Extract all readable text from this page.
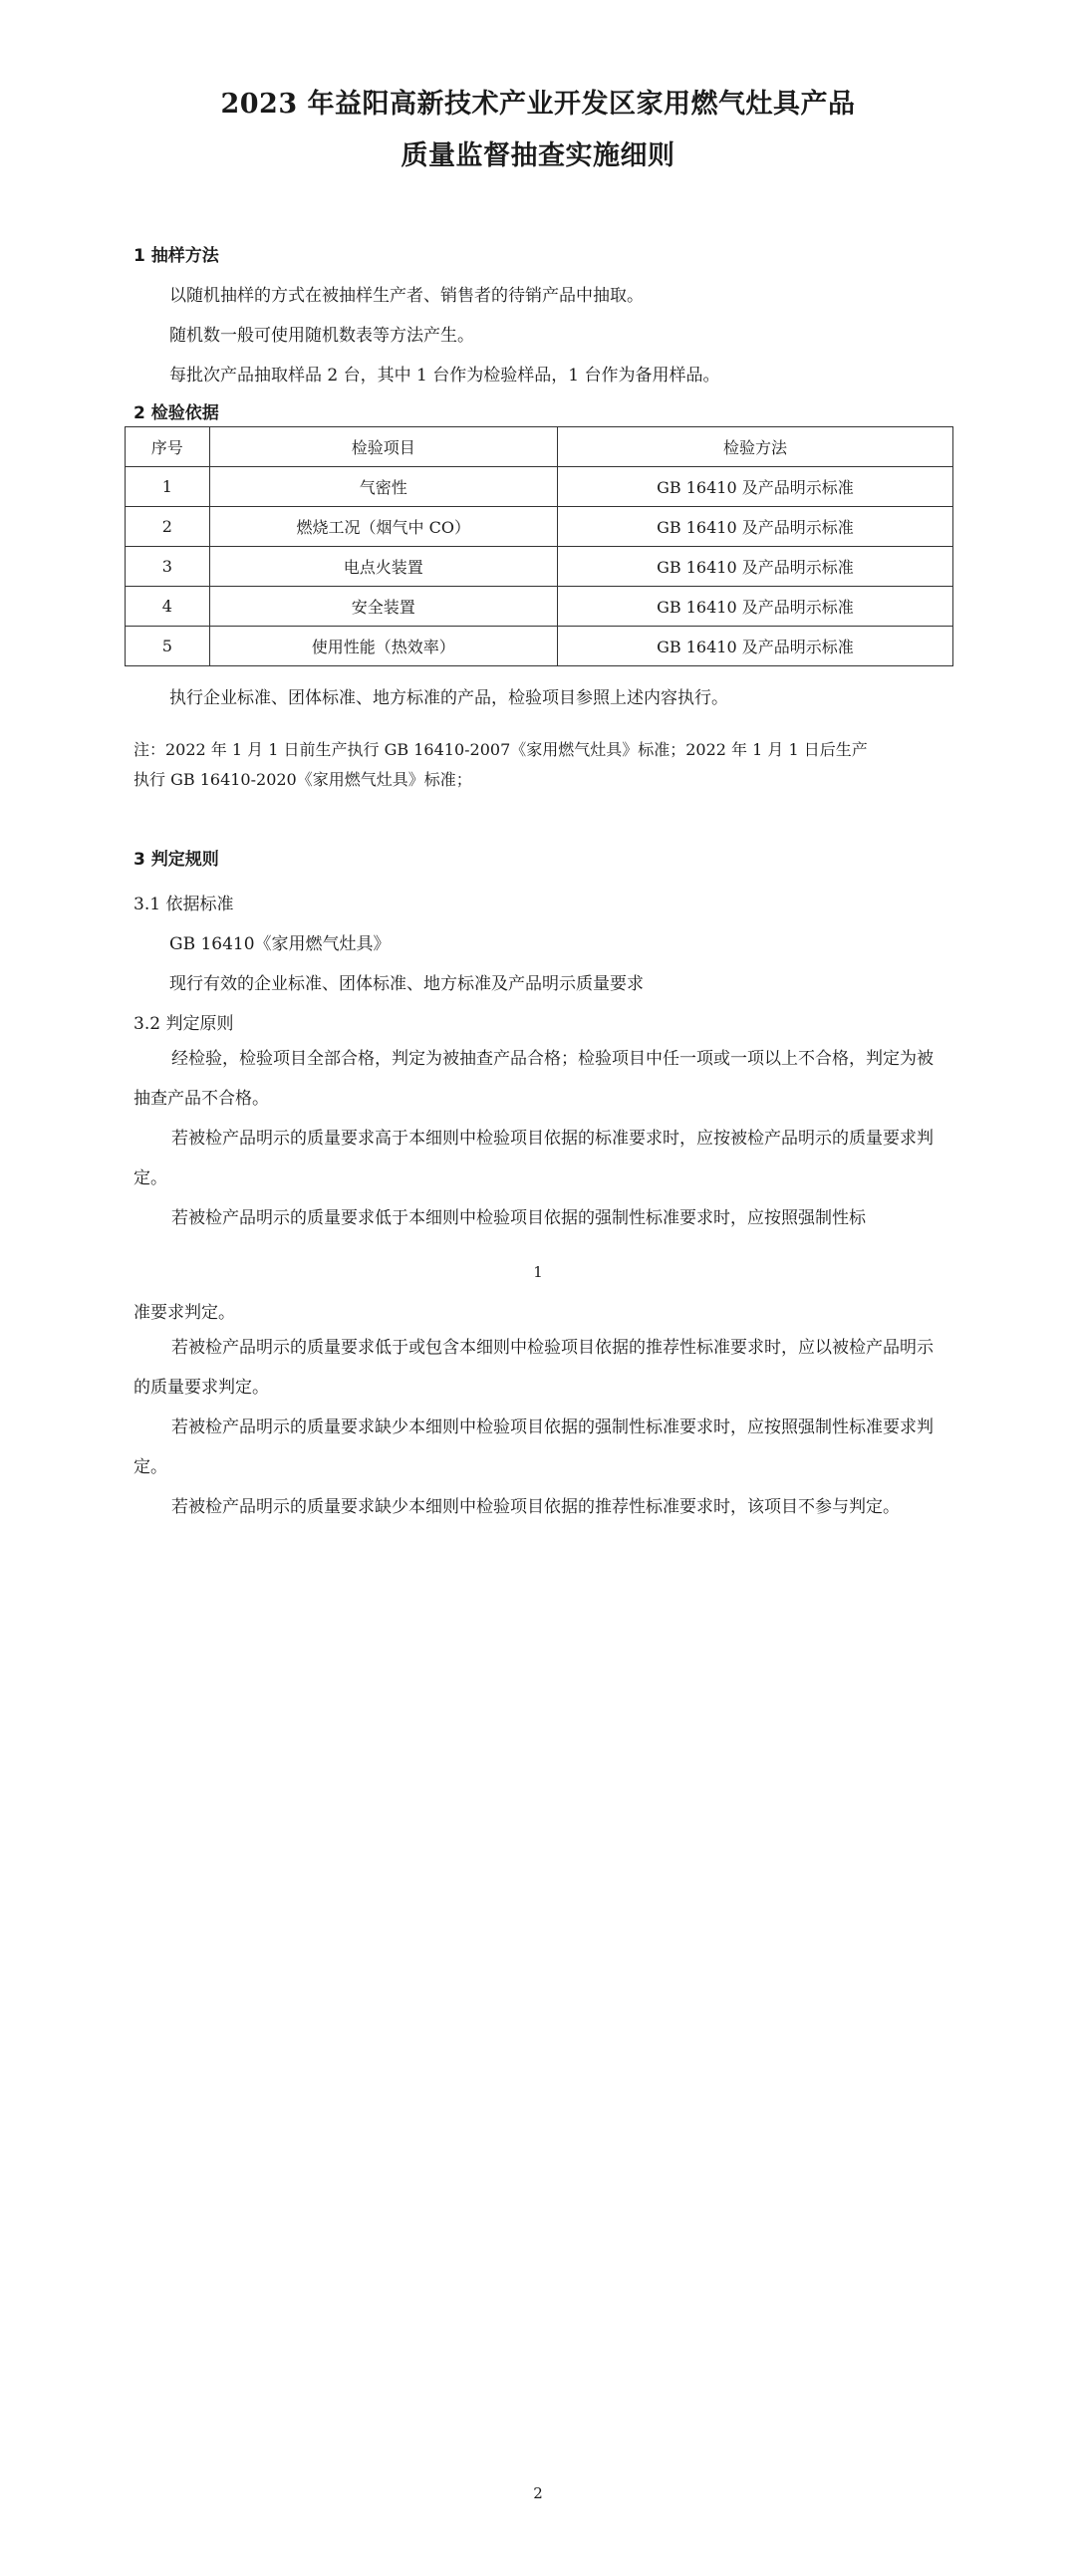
2023 年益阳高新技术产业开发区家用燃气灶具产品
质量监督抽查实施细则
1 抽样方法
以随机抽样的方式在被抽样生产者、销售者的待销产品中抽取。
随机数一般可使用随机数表等方法产生。
每批次产品抽取样品 2 台，其中 1 台作为检验样品，1 台作为备用样品。
2 检验依据
序号	检验项目	检验方法
1	气密性	GB 16410 及产品明示标准
2	燃烧工况（烟气中 CO）	GB 16410 及产品明示标准
3	电点火装置	GB 16410 及产品明示标准
4	安全装置	GB 16410 及产品明示标准
5	使用性能（热效率）	GB 16410 及产品明示标准
执行企业标准、团体标准、地方标准的产品，检验项目参照上述内容执行。
注：2022 年 1 月 1 日前生产执行 GB 16410-2007《家用燃气灶具》标准；2022 年 1 月 1 日后生产
执行 GB 16410-2020《家用燃气灶具》标准；
3 判定规则
3.1 依据标准
GB 16410《家用燃气灶具》
现行有效的企业标准、团体标准、地方标准及产品明示质量要求
3.2 判定原则

经检验，检验项目全部合格，判定为被抽查产品合格；检验项目中任一项或一项以上不合格，判定为被抽查产品不合格。

若被检产品明示的质量要求高于本细则中检验项目依据的标准要求时，应按被检产品明示的质量要求判定。

若被检产品明示的质量要求低于本细则中检验项目依据的强制性标准要求时，应按照强制性标

1
准要求判定。

若被检产品明示的质量要求低于或包含本细则中检验项目依据的推荐性标准要求时，应以被检产品明示的质量要求判定。

若被检产品明示的质量要求缺少本细则中检验项目依据的强制性标准要求时，应按照强制性标准要求判定。

若被检产品明示的质量要求缺少本细则中检验项目依据的推荐性标准要求时，该项目不参与判定。

2
